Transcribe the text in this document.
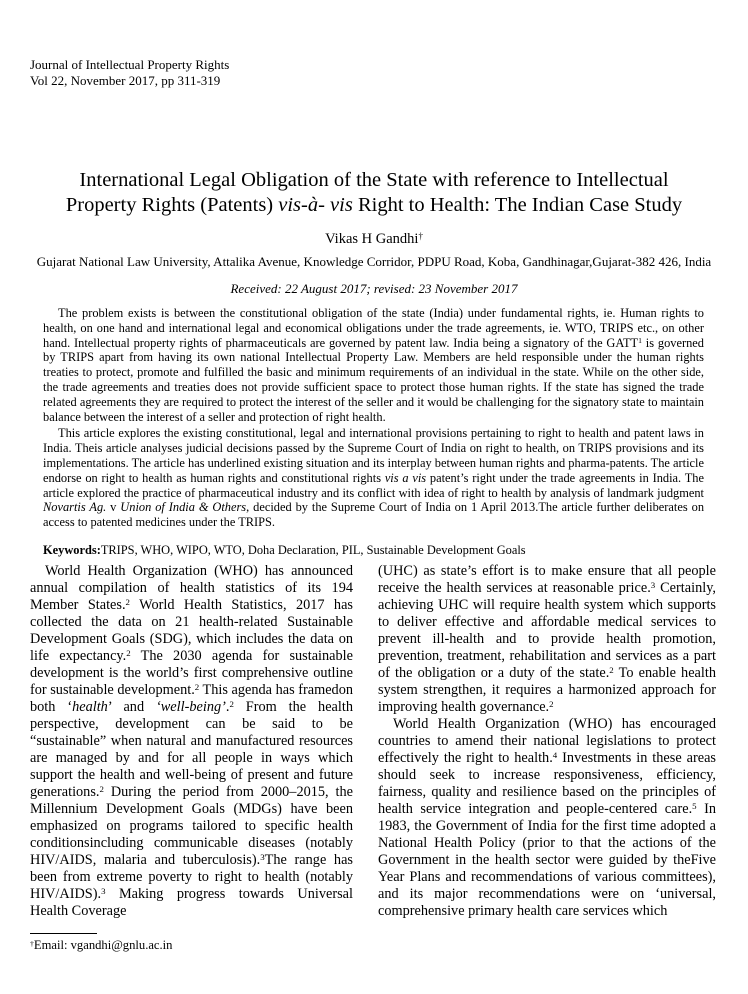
Journal of Intellectual Property Rights
Vol 22, November 2017, pp 311-319
International Legal Obligation of the State with reference to Intellectual
Property Rights (Patents) vis-à- vis Right to Health: The Indian Case Study
Vikas H Gandhi†
Gujarat National Law University, Attalika Avenue, Knowledge Corridor, PDPU Road, Koba, Gandhinagar,Gujarat-382 426, India
Received: 22 August 2017; revised: 23 November 2017

The problem exists is between the constitutional obligation of the state (India) under fundamental rights, ie. Human rights to health, on one hand and international legal and economical obligations under the trade agreements, ie. WTO, TRIPS etc., on other hand. Intellectual property rights of pharmaceuticals are governed by patent law. India being a signatory of the GATT$^1$ is governed by TRIPS apart from having its own national Intellectual Property Law. Members are held responsible under the human rights treaties to protect, promote and fulfilled the basic and minimum requirements of an individual in the state. While on the other side, the trade agreements and treaties does not provide sufficient space to protect those human rights. If the state has signed the trade related agreements they are required to protect the interest of the seller and it would be challenging for the signatory state to maintain balance between the interest of a seller and protection of right health.

This article explores the existing constitutional, legal and international provisions pertaining to right to health and patent laws in India. Theis article analyses judicial decisions passed by the Supreme Court of India on right to health, on TRIPS provisions and its implementations. The article has underlined existing situation and its interplay between human rights and pharma-patents. The article endorse on right to health as human rights and constitutional rights vis a vis patent’s right under the trade agreements in India. The article explored the practice of pharmaceutical industry and its conflict with idea of right to health by analysis of landmark judgment Novartis Ag. v Union of India & Others, decided by the Supreme Court of India on 1 April 2013.The article further deliberates on access to patented medicines under the TRIPS.

Keywords:TRIPS, WHO, WIPO, WTO, Doha Declaration, PIL, Sustainable Development Goals

World Health Organization (WHO) has announced annual compilation of health statistics of its 194 Member States.$^2$ World Health Statistics, 2017 has collected the data on 21 health-related Sustainable Development Goals (SDG), which includes the data on life expectancy.$^2$ The 2030 agenda for sustainable development is the world’s first comprehensive outline for sustainable development.$^2$ This agenda has framedon both ‘health’ and ‘well-being’.$^2$ From the health perspective, development can be said to be “sustainable” when natural and manufactured resources are managed by and for all people in ways which support the health and well-being of present and future generations.$^2$ During the period from 2000–2015, the Millennium Development Goals (MDGs) have been emphasized on programs tailored to specific health conditionsincluding communicable diseases (notably HIV/AIDS, malaria and tuberculosis).$^3$The range has been from extreme poverty to right to health (notably HIV/AIDS).$^3$ Making progress towards Universal Health Coverage

(UHC) as state’s effort is to make ensure that all people receive the health services at reasonable price.$^3$ Certainly, achieving UHC will require health system which supports to deliver effective and affordable medical services to prevent ill-health and to provide health promotion, prevention, treatment, rehabilitation and services as a part of the obligation or a duty of the state.$^2$ To enable health system strengthen, it requires a harmonized approach for improving health governance.$^2$

World Health Organization (WHO) has encouraged countries to amend their national legislations to protect effectively the right to health.$^4$ Investments in these areas should seek to increase responsiveness, efficiency, fairness, quality and resilience based on the principles of health service integration and people-centered care.$^5$ In 1983, the Government of India for the first time adopted a National Health Policy (prior to that the actions of the Government in the health sector were guided by theFive Year Plans and recommendations of various committees), and its major recommendations were on ‘universal, comprehensive primary health care services which

†Email: vgandhi@gnlu.ac.in
